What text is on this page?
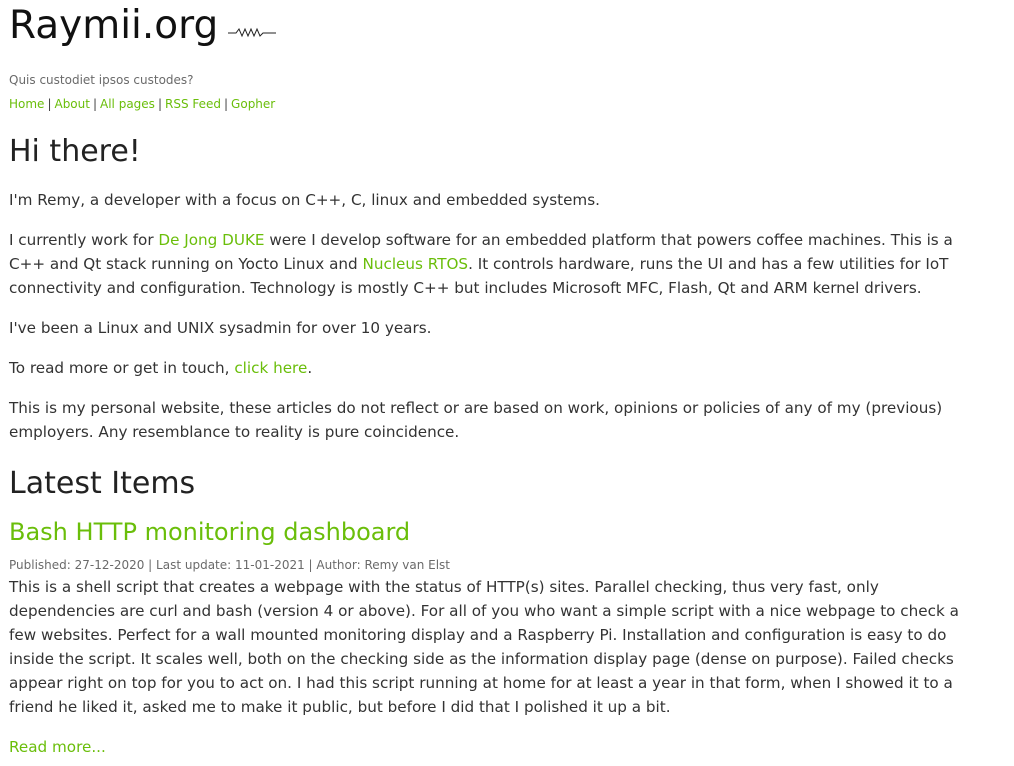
Raymii.org
Quis custodiet ipsos custodes?
Home | About | All pages | RSS Feed | Gopher
Hi there!

I'm Remy, a developer with a focus on C++, C, linux and embedded systems.

I currently work for De Jong DUKE were I develop software for an embedded platform that powers coffee machines. This is a C++ and Qt stack running on Yocto Linux and Nucleus RTOS. It controls hardware, runs the UI and has a few utilities for IoT connectivity and configuration. Technology is mostly C++ but includes Microsoft MFC, Flash, Qt and ARM kernel drivers.

I've been a Linux and UNIX sysadmin for over 10 years.

To read more or get in touch, click here.

This is my personal website, these articles do not reflect or are based on work, opinions or policies of any of my (previous) employers. Any resemblance to reality is pure coincidence.

Latest Items
Bash HTTP monitoring dashboard
Published: 27-12-2020 | Last update: 11-01-2021 | Author: Remy van Elst

This is a shell script that creates a webpage with the status of HTTP(s) sites. Parallel checking, thus very fast, only dependencies are curl and bash (version 4 or above). For all of you who want a simple script with a nice webpage to check a few websites. Perfect for a wall mounted monitoring display and a Raspberry Pi. Installation and configuration is easy to do inside the script. It scales well, both on the checking side as the information display page (dense on purpose). Failed checks appear right on top for you to act on. I had this script running at home for at least a year in that form, when I showed it to a friend he liked it, asked me to make it public, but before I did that I polished it up a bit.

Read more...
